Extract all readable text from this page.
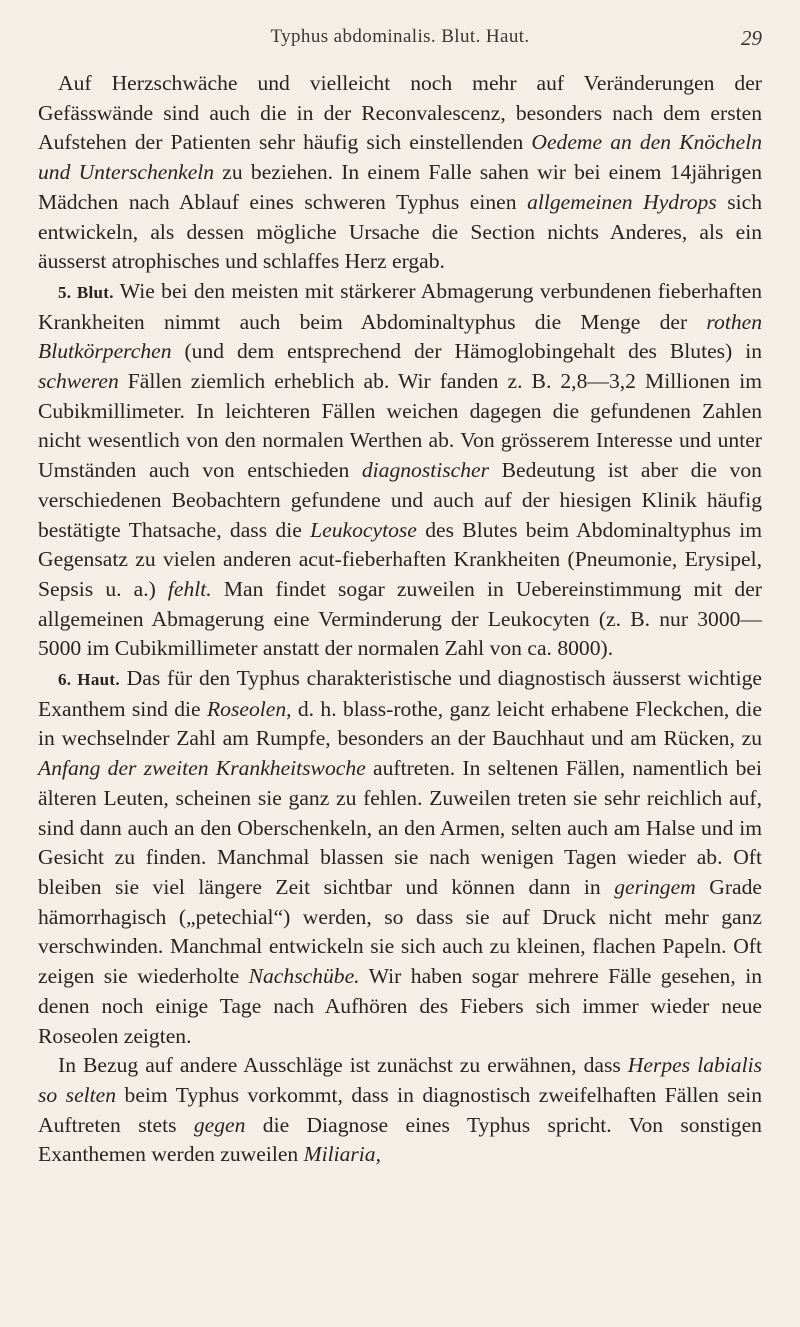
Typhus abdominalis. Blut. Haut.	29

Auf Herzschwäche und vielleicht noch mehr auf Veränderungen der Gefässwände sind auch die in der Reconvalescenz, besonders nach dem ersten Aufstehen der Patienten sehr häufig sich einstellenden Oedeme an den Knöcheln und Unterschenkeln zu beziehen. In einem Falle sahen wir bei einem 14jährigen Mädchen nach Ablauf eines schweren Typhus einen allgemeinen Hydrops sich entwickeln, als dessen mögliche Ursache die Section nichts Anderes, als ein äusserst atrophisches und schlaffes Herz ergab.

5. Blut. Wie bei den meisten mit stärkerer Abmagerung verbundenen fieberhaften Krankheiten nimmt auch beim Abdominaltyphus die Menge der rothen Blutkörperchen (und dem entsprechend der Hämoglobingehalt des Blutes) in schweren Fällen ziemlich erheblich ab. Wir fanden z. B. 2,8—3,2 Millionen im Cubikmillimeter. In leichteren Fällen weichen dagegen die gefundenen Zahlen nicht wesentlich von den normalen Werthen ab. Von grösserem Interesse und unter Umständen auch von entschieden diagnostischer Bedeutung ist aber die von verschiedenen Beobachtern gefundene und auch auf der hiesigen Klinik häufig bestätigte Thatsache, dass die Leukocytose des Blutes beim Abdominaltyphus im Gegensatz zu vielen anderen acut-fieberhaften Krankheiten (Pneumonie, Erysipel, Sepsis u. a.) fehlt. Man findet sogar zuweilen in Uebereinstimmung mit der allgemeinen Abmagerung eine Verminderung der Leukocyten (z. B. nur 3000—5000 im Cubikmillimeter anstatt der normalen Zahl von ca. 8000).

6. Haut. Das für den Typhus charakteristische und diagnostisch äusserst wichtige Exanthem sind die Roseolen, d. h. blass-rothe, ganz leicht erhabene Fleckchen, die in wechselnder Zahl am Rumpfe, besonders an der Bauchhaut und am Rücken, zu Anfang der zweiten Krankheitswoche auftreten. In seltenen Fällen, namentlich bei älteren Leuten, scheinen sie ganz zu fehlen. Zuweilen treten sie sehr reichlich auf, sind dann auch an den Oberschenkeln, an den Armen, selten auch am Halse und im Gesicht zu finden. Manchmal blassen sie nach wenigen Tagen wieder ab. Oft bleiben sie viel längere Zeit sichtbar und können dann in geringem Grade hämorrhagisch („petechial“) werden, so dass sie auf Druck nicht mehr ganz verschwinden. Manchmal entwickeln sie sich auch zu kleinen, flachen Papeln. Oft zeigen sie wiederholte Nachschübe. Wir haben sogar mehrere Fälle gesehen, in denen noch einige Tage nach Aufhören des Fiebers sich immer wieder neue Roseolen zeigten.

In Bezug auf andere Ausschläge ist zunächst zu erwähnen, dass Herpes labialis so selten beim Typhus vorkommt, dass in diagnostisch zweifelhaften Fällen sein Auftreten stets gegen die Diagnose eines Typhus spricht. Von sonstigen Exanthemen werden zuweilen Miliaria,
